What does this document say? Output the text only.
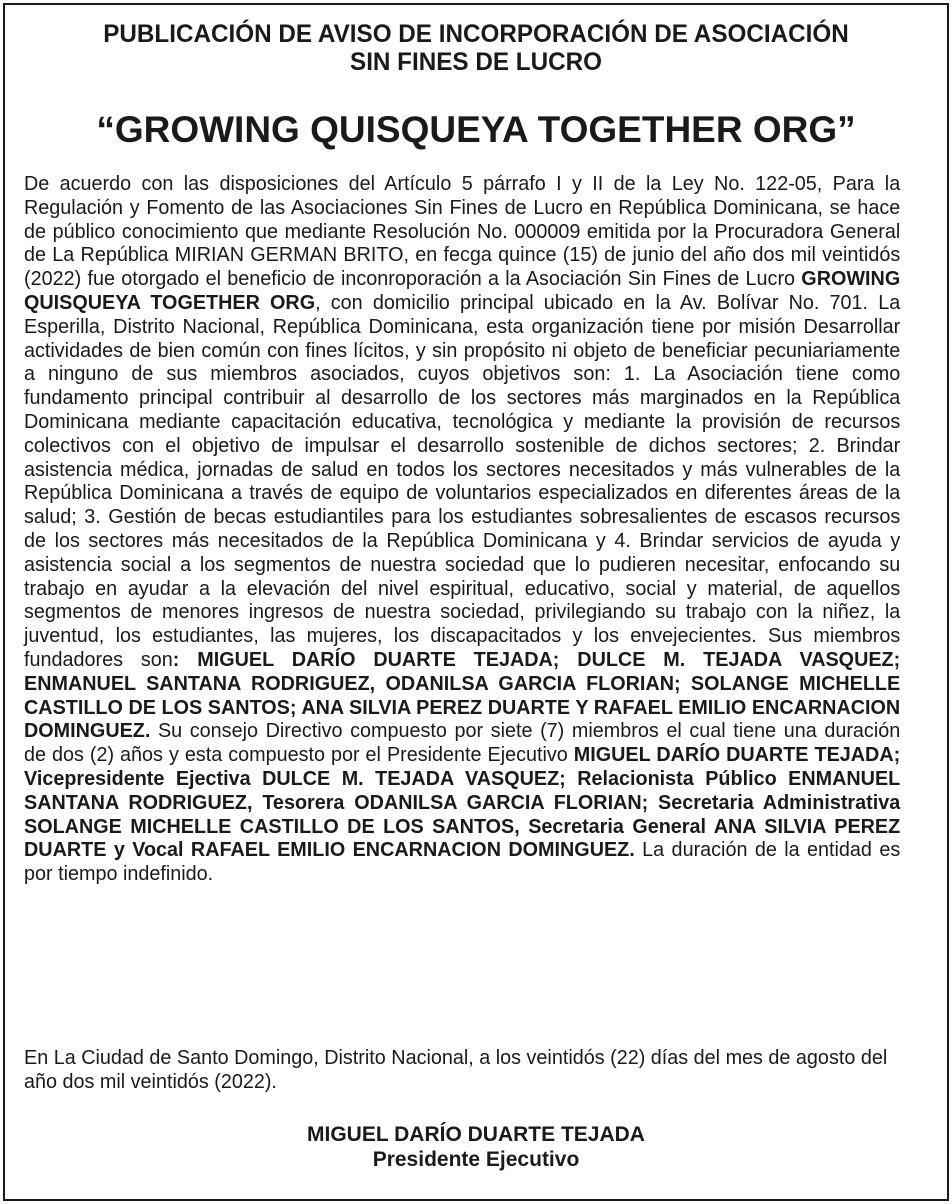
PUBLICACIÓN DE AVISO DE INCORPORACIÓN DE ASOCIACIÓN
SIN FINES DE LUCRO
“GROWING QUISQUEYA TOGETHER ORG”

De acuerdo con las disposiciones del Artículo 5 párrafo I y II de la Ley No. 122-05, Para la Regulación y Fomento de las Asociaciones Sin Fines de Lucro en República Dominicana, se hace de público conocimiento que mediante Resolución No. 000009 emitida por la Procuradora General de La República MIRIAN GERMAN BRITO, en fecga quince (15) de junio del año dos mil veintidós (2022) fue otorgado el beneficio de inconroporación a la Asociación Sin Fines de Lucro GROWING QUISQUEYA TOGETHER ORG, con domicilio principal ubicado en la Av. Bolívar No. 701. La Esperilla, Distrito Nacional, República Dominicana, esta organización tiene por misión Desarrollar actividades de bien común con fines lícitos, y sin propósito ni objeto de beneficiar pecuniariamente a ninguno de sus miembros asociados, cuyos objetivos son: 1. La Asociación tiene como fundamento principal contribuir al desarrollo de los sectores más marginados en la República Dominicana mediante capacitación educativa, tecnológica y mediante la provisión de recursos colectivos con el objetivo de impulsar el desarrollo sostenible de dichos sectores; 2. Brindar asistencia médica, jornadas de salud en todos los sectores necesitados y más vulnerables de la República Dominicana a través de equipo de voluntarios especializados en diferentes áreas de la salud; 3. Gestión de becas estudiantiles para los estudiantes sobresalientes de escasos recursos de los sectores más necesitados de la República Dominicana y 4. Brindar servicios de ayuda y asistencia social a los segmentos de nuestra sociedad que lo pudieren necesitar, enfocando su trabajo en ayudar a la elevación del nivel espiritual, educativo, social y material, de aquellos segmentos de menores ingresos de nuestra sociedad, privilegiando su trabajo con la niñez, la juventud, los estudiantes, las mujeres, los discapacitados y los envejecientes. Sus miembros fundadores son: MIGUEL DARÍO DUARTE TEJADA; DULCE M. TEJADA VASQUEZ; ENMANUEL SANTANA RODRIGUEZ, ODANILSA GARCIA FLORIAN; SOLANGE MICHELLE CASTILLO DE LOS SANTOS; ANA SILVIA PEREZ DUARTE Y RAFAEL EMILIO ENCARNACION DOMINGUEZ. Su consejo Directivo compuesto por siete (7) miembros el cual tiene una duración de dos (2) años y esta compuesto por el Presidente Ejecutivo MIGUEL DARÍO DUARTE TEJADA; Vicepresidente Ejectiva DULCE M. TEJADA VASQUEZ; Relacionista Público ENMANUEL SANTANA RODRIGUEZ, Tesorera ODANILSA GARCIA FLORIAN; Secretaria Administrativa SOLANGE MICHELLE CASTILLO DE LOS SANTOS, Secretaria General ANA SILVIA PEREZ DUARTE y Vocal RAFAEL EMILIO ENCARNACION DOMINGUEZ. La duración de la entidad es por tiempo indefinido.

En La Ciudad de Santo Domingo, Distrito Nacional, a los veintidós (22) días del mes de agosto del año dos mil veintidós (2022).

MIGUEL DARÍO DUARTE TEJADA
Presidente Ejecutivo
